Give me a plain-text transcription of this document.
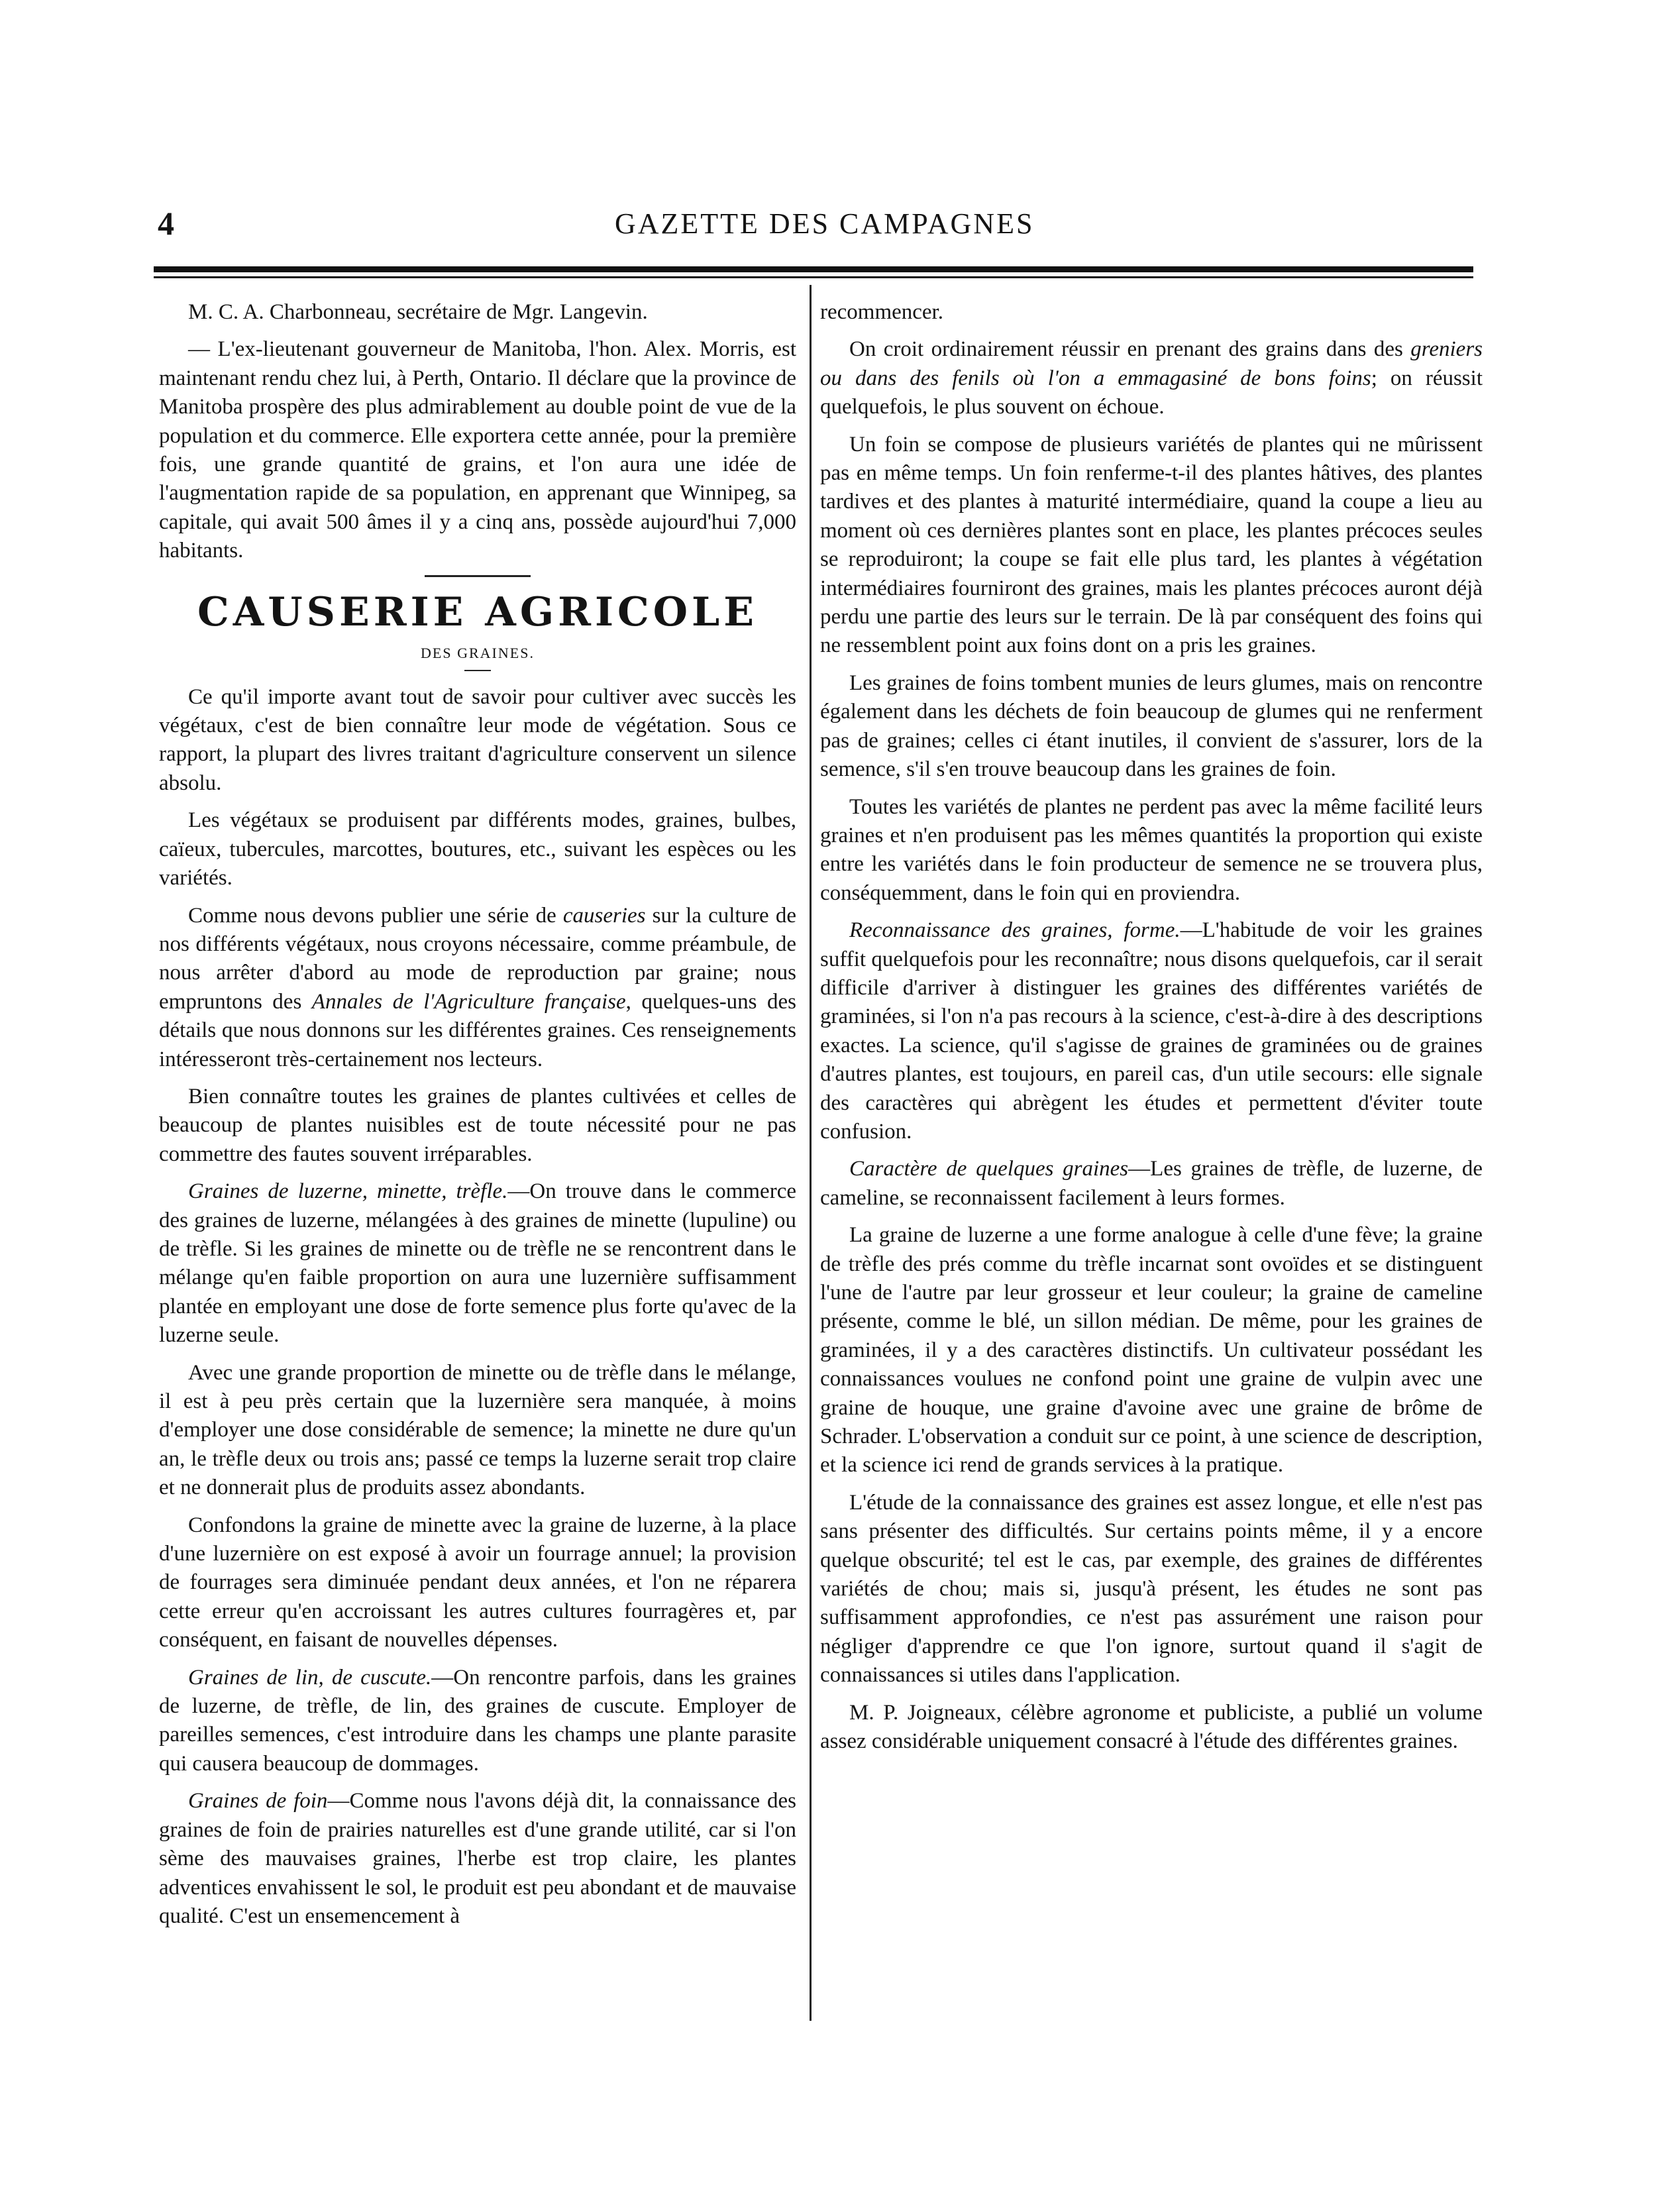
4	GAZETTE DES CAMPAGNES

M. C. A. Charbonneau, secrétaire de Mgr. Langevin.

— L'ex-lieutenant gouverneur de Manitoba, l'hon. Alex. Morris, est maintenant rendu chez lui, à Perth, Ontario. Il déclare que la province de Manitoba prospère des plus admirablement au double point de vue de la population et du commerce. Elle exportera cette année, pour la première fois, une grande quantité de grains, et l'on aura une idée de l'augmentation rapide de sa population, en apprenant que Winnipeg, sa capitale, qui avait 500 âmes il y a cinq ans, possède aujourd'hui 7,000 habitants.

CAUSERIE AGRICOLE
DES GRAINES.

Ce qu'il importe avant tout de savoir pour cultiver avec succès les végétaux, c'est de bien connaître leur mode de végétation. Sous ce rapport, la plupart des livres traitant d'agriculture conservent un silence absolu.

Les végétaux se produisent par différents modes, graines, bulbes, caïeux, tubercules, marcottes, boutures, etc., suivant les espèces ou les variétés.

Comme nous devons publier une série de causeries sur la culture de nos différents végétaux, nous croyons nécessaire, comme préambule, de nous arrêter d'abord au mode de reproduction par graine; nous empruntons des Annales de l'Agriculture française, quelques-uns des détails que nous donnons sur les différentes graines. Ces renseignements intéresseront très-certainement nos lecteurs.

Bien connaître toutes les graines de plantes cultivées et celles de beaucoup de plantes nuisibles est de toute nécessité pour ne pas commettre des fautes souvent irréparables.

Graines de luzerne, minette, trèfle.—On trouve dans le commerce des graines de luzerne, mélangées à des graines de minette (lupuline) ou de trèfle. Si les graines de minette ou de trèfle ne se rencontrent dans le mélange qu'en faible proportion on aura une luzernière suffisamment plantée en employant une dose de forte semence plus forte qu'avec de la luzerne seule.

Avec une grande proportion de minette ou de trèfle dans le mélange, il est à peu près certain que la luzernière sera manquée, à moins d'employer une dose considérable de semence; la minette ne dure qu'un an, le trèfle deux ou trois ans; passé ce temps la luzerne serait trop claire et ne donnerait plus de produits assez abondants.

Confondons la graine de minette avec la graine de luzerne, à la place d'une luzernière on est exposé à avoir un fourrage annuel; la provision de fourrages sera diminuée pendant deux années, et l'on ne réparera cette erreur qu'en accroissant les autres cultures fourragères et, par conséquent, en faisant de nouvelles dépenses.

Graines de lin, de cuscute.—On rencontre parfois, dans les graines de luzerne, de trèfle, de lin, des graines de cuscute. Employer de pareilles semences, c'est introduire dans les champs une plante parasite qui causera beaucoup de dommages.

Graines de foin—Comme nous l'avons déjà dit, la connaissance des graines de foin de prairies naturelles est d'une grande utilité, car si l'on sème des mauvaises graines, l'herbe est trop claire, les plantes adventices envahissent le sol, le produit est peu abondant et de mauvaise qualité. C'est un ensemencement à

recommencer.

On croit ordinairement réussir en prenant des grains dans des greniers ou dans des fenils où l'on a emmagasiné de bons foins; on réussit quelquefois, le plus souvent on échoue.

Un foin se compose de plusieurs variétés de plantes qui ne mûrissent pas en même temps. Un foin renferme-t-il des plantes hâtives, des plantes tardives et des plantes à maturité intermédiaire, quand la coupe a lieu au moment où ces dernières plantes sont en place, les plantes précoces seules se reproduiront; la coupe se fait elle plus tard, les plantes à végétation intermédiaires fourniront des graines, mais les plantes précoces auront déjà perdu une partie des leurs sur le terrain. De là par conséquent des foins qui ne ressemblent point aux foins dont on a pris les graines.

Les graines de foins tombent munies de leurs glumes, mais on rencontre également dans les déchets de foin beaucoup de glumes qui ne renferment pas de graines; celles ci étant inutiles, il convient de s'assurer, lors de la semence, s'il s'en trouve beaucoup dans les graines de foin.

Toutes les variétés de plantes ne perdent pas avec la même facilité leurs graines et n'en produisent pas les mêmes quantités la proportion qui existe entre les variétés dans le foin producteur de semence ne se trouvera plus, conséquemment, dans le foin qui en proviendra.

Reconnaissance des graines, forme.—L'habitude de voir les graines suffit quelquefois pour les reconnaître; nous disons quelquefois, car il serait difficile d'arriver à distinguer les graines des différentes variétés de graminées, si l'on n'a pas recours à la science, c'est-à-dire à des descriptions exactes. La science, qu'il s'agisse de graines de graminées ou de graines d'autres plantes, est toujours, en pareil cas, d'un utile secours: elle signale des caractères qui abrègent les études et permettent d'éviter toute confusion.

Caractère de quelques graines—Les graines de trèfle, de luzerne, de cameline, se reconnaissent facilement à leurs formes.

La graine de luzerne a une forme analogue à celle d'une fève; la graine de trèfle des prés comme du trèfle incarnat sont ovoïdes et se distinguent l'une de l'autre par leur grosseur et leur couleur; la graine de cameline présente, comme le blé, un sillon médian. De même, pour les graines de graminées, il y a des caractères distinctifs. Un cultivateur possédant les connaissances voulues ne confond point une graine de vulpin avec une graine de houque, une graine d'avoine avec une graine de brôme de Schrader. L'observation a conduit sur ce point, à une science de description, et la science ici rend de grands services à la pratique.

L'étude de la connaissance des graines est assez longue, et elle n'est pas sans présenter des difficultés. Sur certains points même, il y a encore quelque obscurité; tel est le cas, par exemple, des graines de différentes variétés de chou; mais si, jusqu'à présent, les études ne sont pas suffisamment approfondies, ce n'est pas assurément une raison pour négliger d'apprendre ce que l'on ignore, surtout quand il s'agit de connaissances si utiles dans l'application.

M. P. Joigneaux, célèbre agronome et publiciste, a publié un volume assez considérable uniquement consacré à l'étude des différentes graines.
